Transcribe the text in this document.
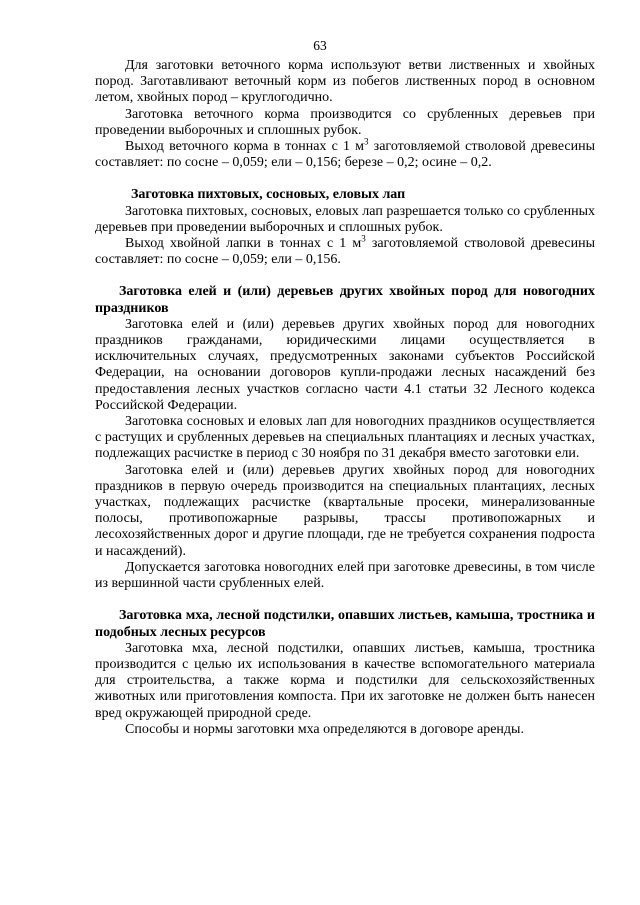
63

Для заготовки веточного корма используют ветви лиственных и хвойных пород. Заготавливают веточный корм из побегов лиственных пород в основном летом, хвойных пород – круглогодично.

Заготовка веточного корма производится со срубленных деревьев при проведении выборочных и сплошных рубок.

Выход веточного корма в тоннах с 1 $м^3$ заготовляемой стволовой древесины составляет: по сосне – 0,059; ели – 0,156; березе – 0,2; осине – 0,2.

Заготовка пихтовых, сосновых, еловых лап

Заготовка пихтовых, сосновых, еловых лап разрешается только со срубленных деревьев при проведении выборочных и сплошных рубок.

Выход хвойной лапки в тоннах с 1 $м^3$ заготовляемой стволовой древесины составляет: по сосне – 0,059; ели – 0,156.

Заготовка елей и (или) деревьев других хвойных пород для новогодних праздников

Заготовка елей и (или) деревьев других хвойных пород для новогодних праздников гражданами, юридическими лицами осуществляется в исключительных случаях, предусмотренных законами субъектов Российской Федерации, на основании договоров купли-продажи лесных насаждений без предоставления лесных участков согласно части 4.1 статьи 32 Лесного кодекса Российской Федерации.

Заготовка сосновых и еловых лап для новогодних праздников осуществляется с растущих и срубленных деревьев на специальных плантациях и лесных участках, подлежащих расчистке в период с 30 ноября по 31 декабря вместо заготовки ели.

Заготовка елей и (или) деревьев других хвойных пород для новогодних праздников в первую очередь производится на специальных плантациях, лесных участках, подлежащих расчистке (квартальные просеки, минерализованные полосы, противопожарные разрывы, трассы противопожарных и лесохозяйственных дорог и другие площади, где не требуется сохранения подроста и насаждений).

Допускается заготовка новогодних елей при заготовке древесины, в том числе из вершинной части срубленных елей.

Заготовка мха, лесной подстилки, опавших листьев, камыша, тростника и подобных лесных ресурсов

Заготовка мха, лесной подстилки, опавших листьев, камыша, тростника производится с целью их использования в качестве вспомогательного материала для строительства, а также корма и подстилки для сельскохозяйственных животных или приготовления компоста. При их заготовке не должен быть нанесен вред окружающей природной среде.

Способы и нормы заготовки мха определяются в договоре аренды.
